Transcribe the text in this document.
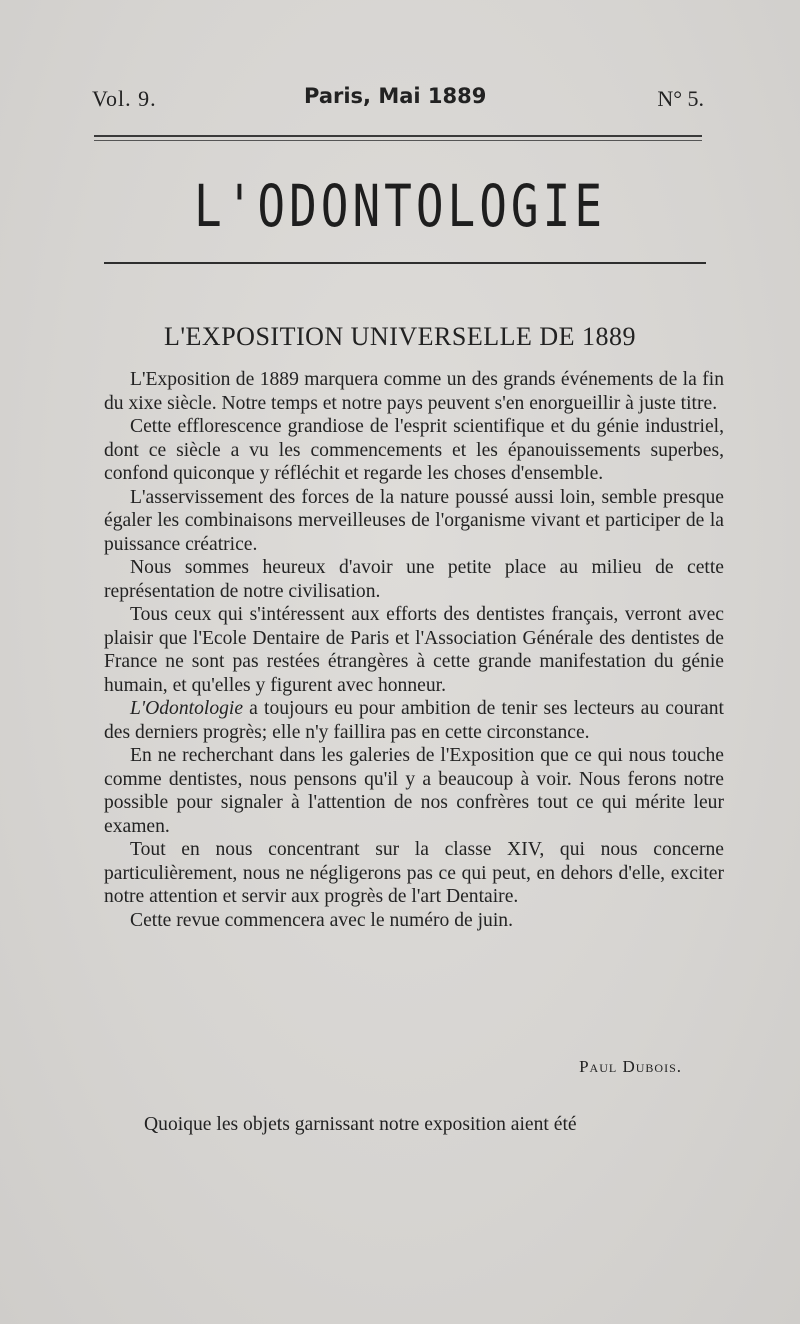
Vol. 9.	Paris, Mai 1889	N° 5.
L'ODONTOLOGIE
L'EXPOSITION UNIVERSELLE DE 1889

L'Exposition de 1889 marquera comme un des grands événements de la fin du xixe siècle. Notre temps et notre pays peuvent s'en enorgueillir à juste titre.

Cette efflorescence grandiose de l'esprit scientifique et du génie industriel, dont ce siècle a vu les commencements et les épanouissements superbes, confond quiconque y réfléchit et regarde les choses d'ensemble.

L'asservissement des forces de la nature poussé aussi loin, semble presque égaler les combinaisons merveilleuses de l'organisme vivant et participer de la puissance créatrice.

Nous sommes heureux d'avoir une petite place au milieu de cette représentation de notre civilisation.

Tous ceux qui s'intéressent aux efforts des dentistes français, verront avec plaisir que l'Ecole Dentaire de Paris et l'Association Générale des dentistes de France ne sont pas restées étrangères à cette grande manifestation du génie humain, et qu'elles y figurent avec honneur.

L'Odontologie a toujours eu pour ambition de tenir ses lecteurs au courant des derniers progrès; elle n'y faillira pas en cette circonstance.

En ne recherchant dans les galeries de l'Exposition que ce qui nous touche comme dentistes, nous pensons qu'il y a beaucoup à voir. Nous ferons notre possible pour signaler à l'attention de nos confrères tout ce qui mérite leur examen.

Tout en nous concentrant sur la classe XIV, qui nous concerne particulièrement, nous ne négligerons pas ce qui peut, en dehors d'elle, exciter notre attention et servir aux progrès de l'art Dentaire.

Cette revue commencera avec le numéro de juin.

Paul Dubois.
Quoique les objets garnissant notre exposition aient été
